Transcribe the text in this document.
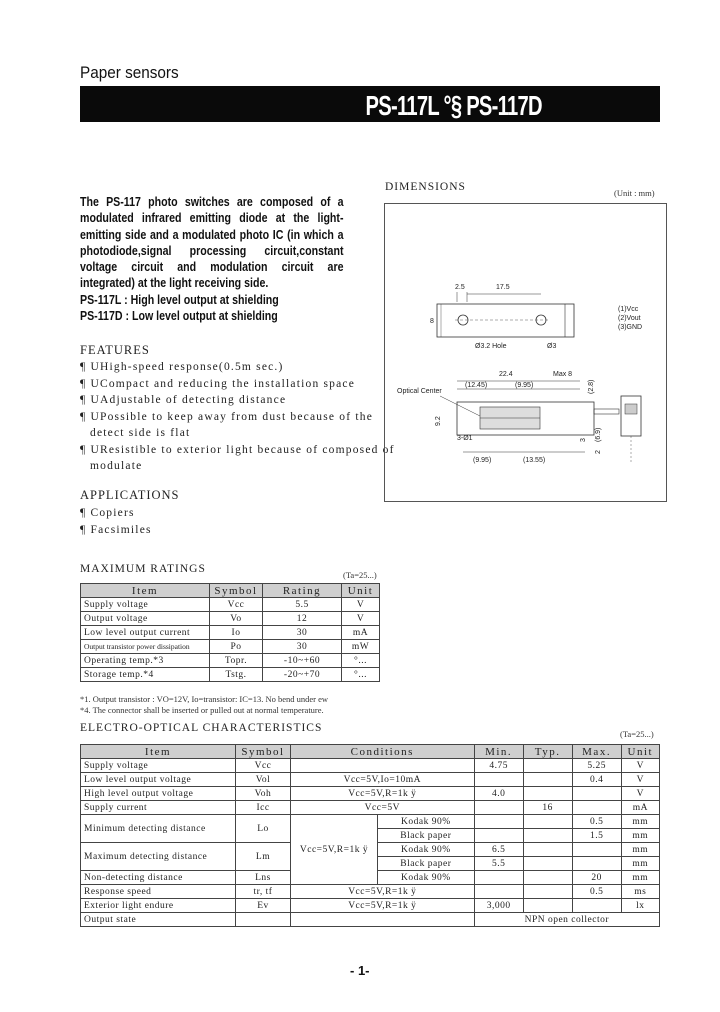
Paper sensors
PS-117L °§ PS-117D
The PS-117 photo switches are composed of a modulated infrared emitting diode at the light-emitting side and a modulated photo IC (in which a photodiode,signal processing circuit,constant voltage circuit and modulation circuit are integrated) at the light receiving side.
PS-117L : High level output at shielding
PS-117D : Low level output at shielding
FEATURES
¶ UHigh-speed response(0.5m sec.)
¶ UCompact and reducing the installation space
¶ UAdjustable of detecting distance
¶ UPossible to keep away from dust because of the
detect side is flat
¶ UResistible to exterior light because of composed of
modulate
APPLICATIONS
¶ Copiers
¶ Facsimiles
DIMENSIONS	(Unit : mm)
2.5	17.5
8
Ø3.2 Hole	Ø3
(1)Vcc
(2)Vout
(3)GND
22.4	Max 8
(12.45)	(9.95)	(2.8)
Optical Center
9.2
3 (6.9)
2
3-Ø1
(9.95)	(13.55)
MAXIMUM RATINGS	(Ta=25...)
Item	Symbol	Rating	Unit
Supply voltage	Vcc	5.5	V
Output voltage	Vo	12	V
Low level output current	Io	30	mA
Output transistor power dissipation	Po	30	mW
Operating temp.*3	Topr.	-10~+60	°...
Storage temp.*4	Tstg.	-20~+70	°...
*1. Output transistor : VO=12V, Io=transistor: IC=13. No bend under ew
*4. The connector shall be inserted or pulled out at normal temperature.
ELECTRO-OPTICAL CHARACTERISTICS	(Ta=25...)
Item	Symbol	Conditions		Min.	Typ.	Max.	Unit
Supply voltage	Vcc			4.75		5.25	V
Low level output voltage	Vol	Vcc=5V,Io=10mA				0.4	V
High level output voltage	Voh	Vcc=5V,R=1k ÿ		4.0			V
Supply current	Icc	Vcc=5V			16		mA
Minimum detecting distance	Lo	Vcc=5V,R=1k ÿ	Kodak 90%			0.5	mm
			Black paper			1.5	mm
Maximum detecting distance	Lm		Kodak 90%	6.5			mm
			Black paper	5.5			mm
Non-detecting distance	Lns		Kodak 90%			20	mm
Response speed	tr, tf	Vcc=5V,R=1k ÿ				0.5	ms
Exterior light endure	Ev	Vcc=5V,R=1k ÿ		3,000			lx
Output state				NPN open collector			
- 1-
